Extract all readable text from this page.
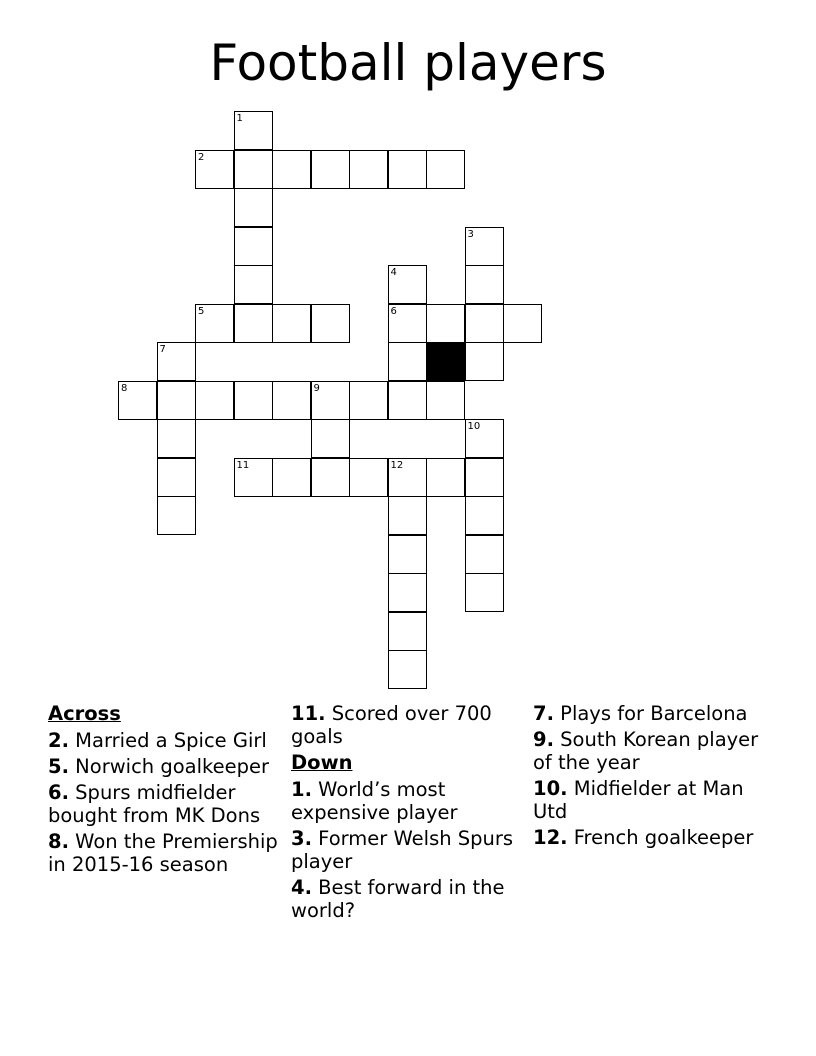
Football players
1
2
3
4
5	6
7
8	9
10
11	12

Across

2. Married a Spice Girl

5. Norwich goalkeeper

6. Spurs midfielder bought from MK Dons

8. Won the Premiership in 2015-16 season

11. Scored over 700 goals

Down

1. World’s most expensive player

3. Former Welsh Spurs player

4. Best forward in the world?

7. Plays for Barcelona

9. South Korean player of the year

10. Midfielder at Man Utd

12. French goalkeeper
